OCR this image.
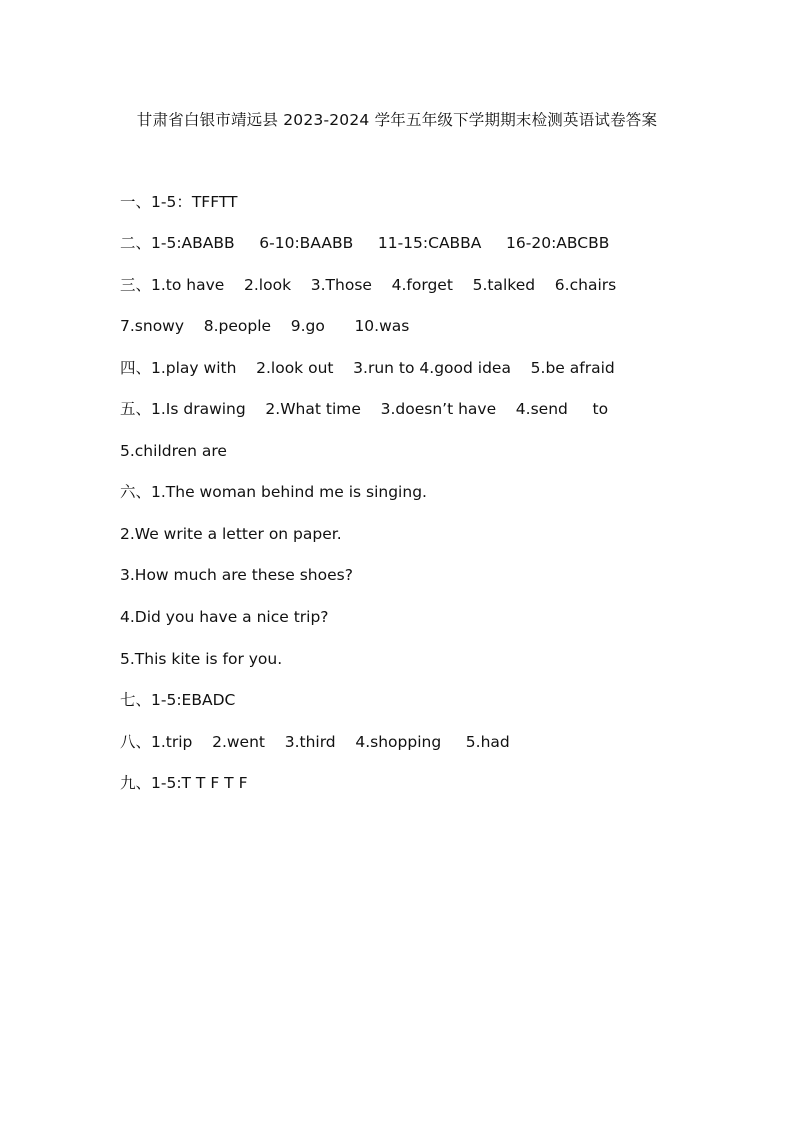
甘肃省白银市靖远县 2023-2024 学年五年级下学期期末检测英语试卷答案
一、1-5：TFFTT
二、1-5:ABABB     6-10:BAABB     11-15:CABBA     16-20:ABCBB
三、1.to have    2.look    3.Those    4.forget    5.talked    6.chairs
7.snowy    8.people    9.go      10.was
四、1.play with    2.look out    3.run to 4.good idea    5.be afraid
五、1.Is drawing    2.What time    3.doesn’t have    4.send     to
5.children are
六、1.The woman behind me is singing.
2.We write a letter on paper.
3.How much are these shoes?
4.Did you have a nice trip?
5.This kite is for you.
七、1-5:EBADC
八、1.trip    2.went    3.third    4.shopping     5.had
九、1-5:T T F T F
